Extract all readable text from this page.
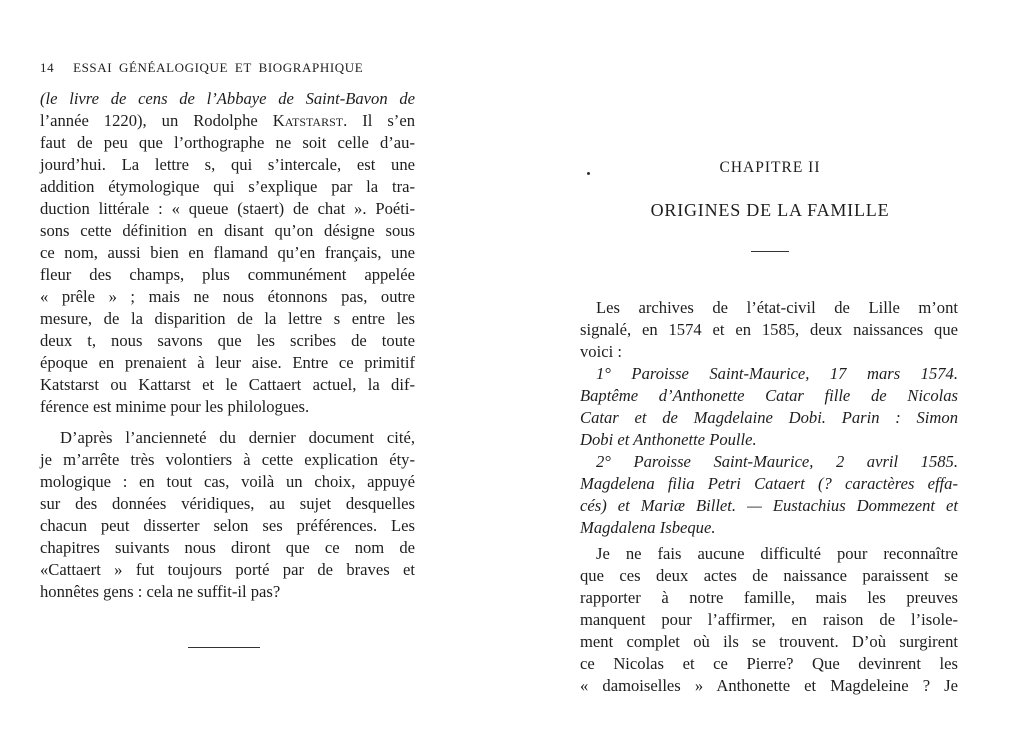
14 ESSAI GÉNÉALOGIQUE ET BIOGRAPHIQUE
(le livre de cens de l’Abbaye de Saint-Bavon de
l’année 1220), un Rodolphe Katstarst. Il s’en
faut de peu que l’orthographe ne soit celle d’au-
jourd’hui. La lettre s, qui s’intercale, est une
addition étymologique qui s’explique par la tra-
duction littérale : « queue (staert) de chat ». Poéti-
sons cette définition en disant qu’on désigne sous
ce nom, aussi bien en flamand qu’en français, une
fleur des champs, plus communément appelée
« prêle » ; mais ne nous étonnons pas, outre
mesure, de la disparition de la lettre s entre les
deux t, nous savons que les scribes de toute
époque en prenaient à leur aise. Entre ce primitif
Katstarst ou Kattarst et le Cattaert actuel, la dif-
férence est minime pour les philologues.
D’après l’ancienneté du dernier document cité,
je m’arrête très volontiers à cette explication éty-
mologique : en tout cas, voilà un choix, appuyé
sur des données véridiques, au sujet desquelles
chacun peut disserter selon ses préférences. Les
chapitres suivants nous diront que ce nom de
«Cattaert » fut toujours porté par de braves et
honnêtes gens : cela ne suffit-il pas?
CHAPITRE II
ORIGINES DE LA FAMILLE
Les archives de l’état-civil de Lille m’ont
signalé, en 1574 et en 1585, deux naissances que
voici :
1° Paroisse Saint-Maurice, 17 mars 1574.
Baptême d’Anthonette Catar fille de Nicolas
Catar et de Magdelaine Dobi. Parin : Simon
Dobi et Anthonette Poulle.
2° Paroisse Saint-Maurice, 2 avril 1585.
Magdelena filia Petri Cataert (? caractères effa-
cés) et Mariæ Billet. — Eustachius Dommezent et
Magdalena Isbeque.
Je ne fais aucune difficulté pour reconnaître
que ces deux actes de naissance paraissent se
rapporter à notre famille, mais les preuves
manquent pour l’affirmer, en raison de l’isole-
ment complet où ils se trouvent. D’où surgirent
ce Nicolas et ce Pierre? Que devinrent les
« damoiselles » Anthonette et Magdeleine ? Je
